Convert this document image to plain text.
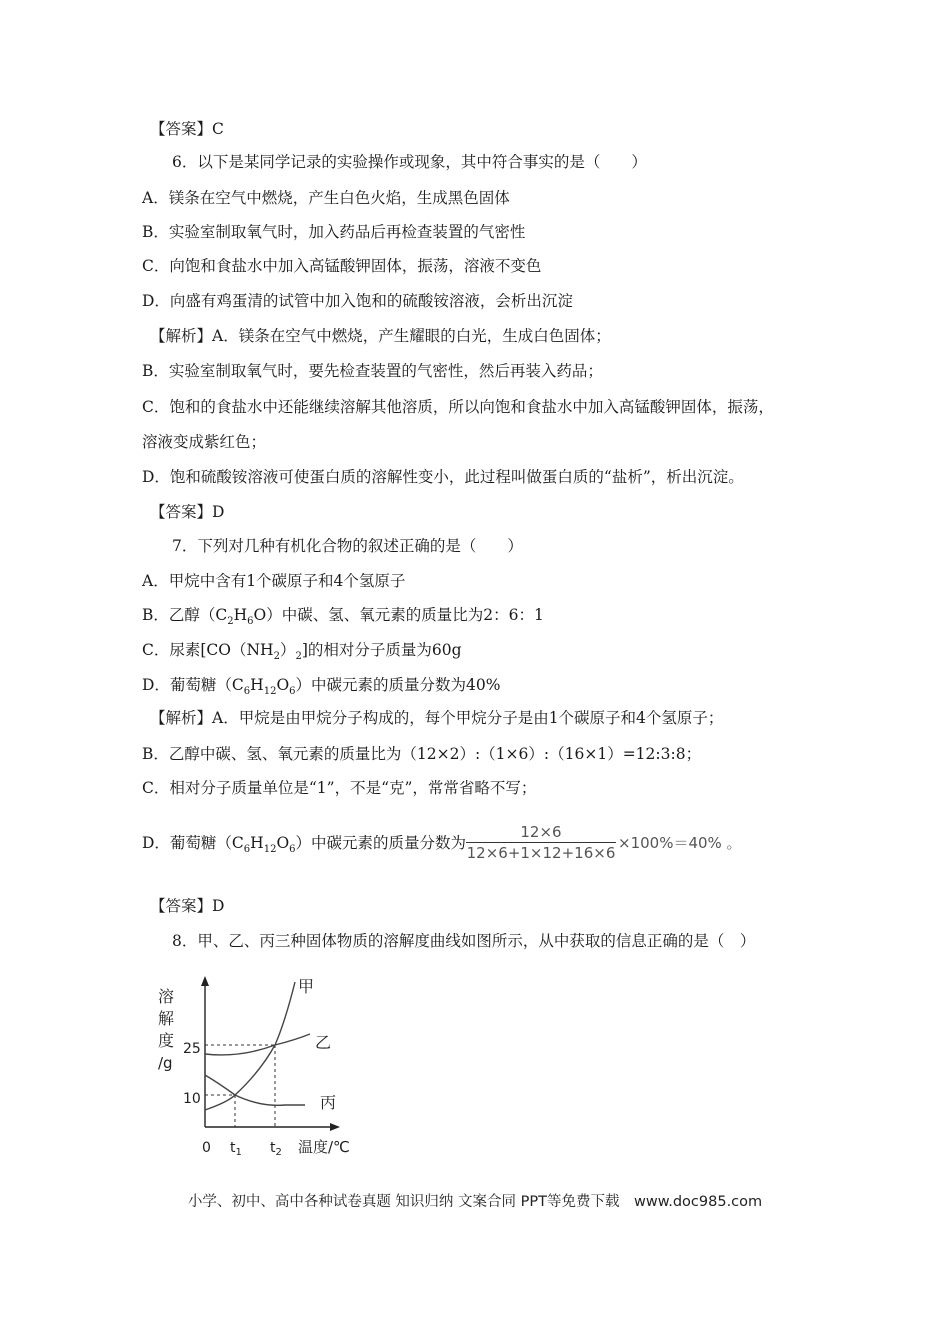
【答案】C
6．以下是某同学记录的实验操作或现象，其中符合事实的是（　　）
A．镁条在空气中燃烧，产生白色火焰，生成黑色固体
B．实验室制取氧气时，加入药品后再检查装置的气密性
C．向饱和食盐水中加入高锰酸钾固体，振荡，溶液不变色
D．向盛有鸡蛋清的试管中加入饱和的硫酸铵溶液，会析出沉淀
【解析】A．镁条在空气中燃烧，产生耀眼的白光，生成白色固体；
B．实验室制取氧气时，要先检查装置的气密性，然后再装入药品；
C．饱和的食盐水中还能继续溶解其他溶质，所以向饱和食盐水中加入高锰酸钾固体，振荡，
溶液变成紫红色；
D．饱和硫酸铵溶液可使蛋白质的溶解性变小，此过程叫做蛋白质的“盐析”，析出沉淀。
【答案】D
7．下列对几种有机化合物的叙述正确的是（　　）
A．甲烷中含有1个碳原子和4个氢原子
B．乙醇$(C_2H_6O)$中碳、氢、氧元素的质量比为2：6：1
C．尿素$[CO(NH_2)_2]$的相对分子质量为60g
D．葡萄糖$(C_6H_{12}O_6)$中碳元素的质量分数为40%
【解析】A．甲烷是由甲烷分子构成的，每个甲烷分子是由1个碳原子和4个氢原子；
B．乙醇中碳、氢、氧元素的质量比为（12×2）:（1×6）:（16×1）=12:3:8；
C．相对分子质量单位是“1”，不是“克”，常常省略不写；
D．葡萄糖$(C_6H_{12}O_6)$中碳元素的质量分数为
12×6
12×6+1×12+16×6
×100%＝40% 。
【答案】D
8．甲、乙、丙三种固体物质的溶解度曲线如图所示，从中获取的信息正确的是（　）
溶
解
度
/g
25
10
0 $t_1$ $t_2$ 温度/℃
甲
乙
丙
小学、初中、高中各种试卷真题 知识归纳 文案合同 PPT等免费下载　www.doc985.com
